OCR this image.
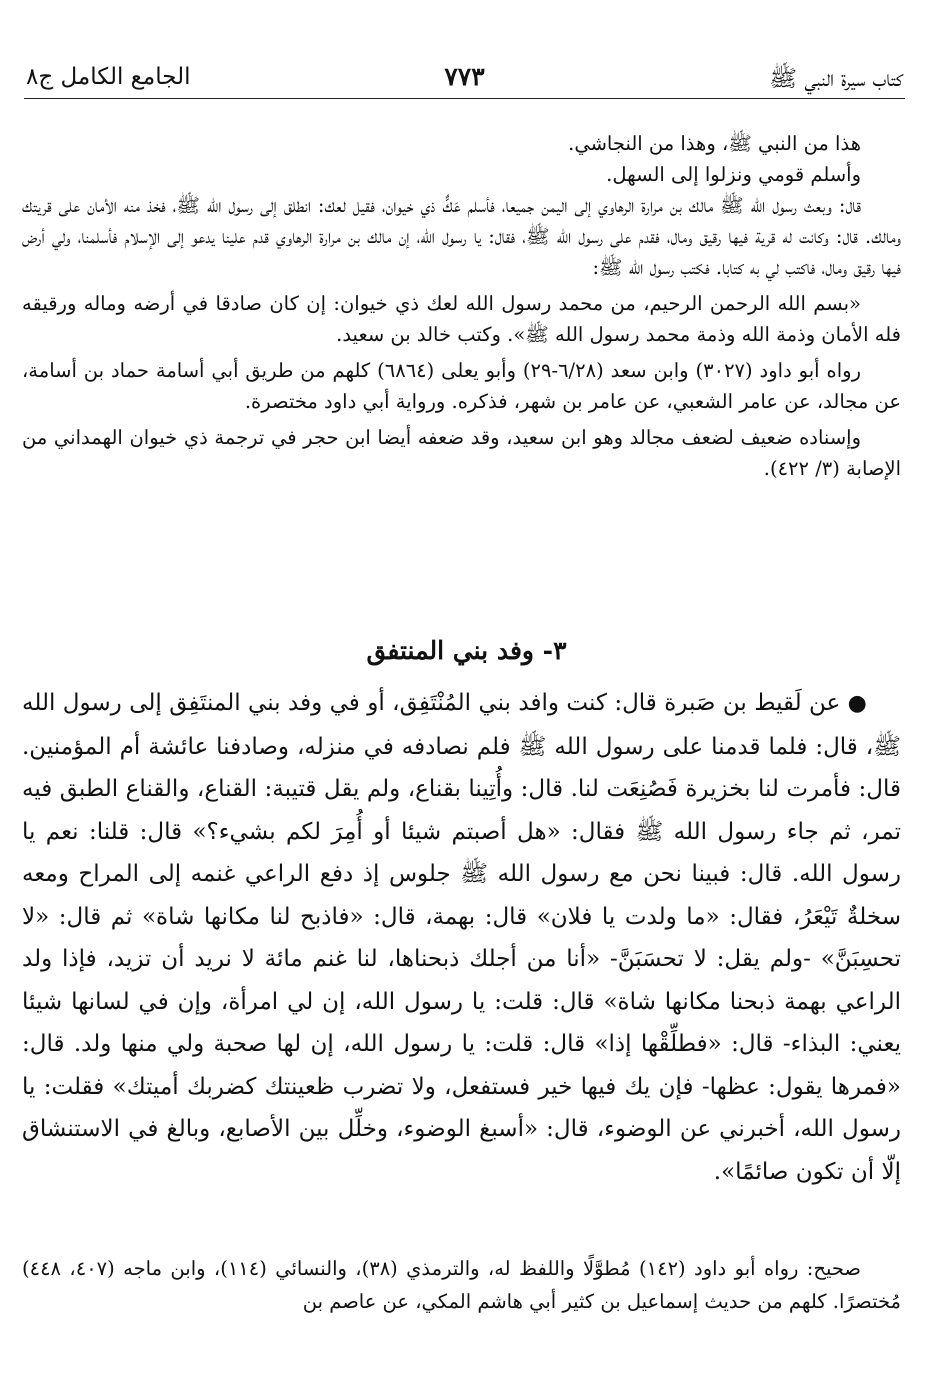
الجامع الكامل ج٨	٧٧٣	كتاب سيرة النبي ﷺ

هذا من النبي ﷺ، وهذا من النجاشي.

وأسلم قومي ونزلوا إلى السهل.

قال: وبعث رسول الله ﷺ مالك بن مرارة الرهاوي إلى اليمن جميعا، فأسلم عَكٌّ ذي خيوان، فقيل لعك: انطلق إلى رسول الله ﷺ، فخذ منه الأمان على قريتك ومالك. قال: وكانت له قرية فيها رقيق ومال، فقدم على رسول الله ﷺ، فقال: يا رسول الله، إن مالك بن مرارة الرهاوي قدم علينا يدعو إلى الإسلام فأسلمنا، ولي أرض فيها رقيق ومال، فاكتب لي به كتابا. فكتب رسول الله ﷺ:

«بسم الله الرحمن الرحيم، من محمد رسول الله لعك ذي خيوان: إن كان صادقا في أرضه وماله ورقيقه فله الأمان وذمة الله وذمة محمد رسول الله ﷺ». وكتب خالد بن سعيد.

رواه أبو داود (٣٠٢٧) وابن سعد (٦/٢٨-٢٩) وأبو يعلى (٦٨٦٤) كلهم من طريق أبي أسامة حماد بن أسامة، عن مجالد، عن عامر الشعبي، عن عامر بن شهر، فذكره. ورواية أبي داود مختصرة.

وإسناده ضعيف لضعف مجالد وهو ابن سعيد، وقد ضعفه أيضا ابن حجر في ترجمة ذي خيوان الهمداني من الإصابة (٣/ ٤٢٢).

٣- وفد بني المنتفق

● عن لَقيط بن صَبرة قال: كنت وافد بني المُنْتَفِق، أو في وفد بني المنتَفِق إلى رسول الله ﷺ، قال: فلما قدمنا على رسول الله ﷺ فلم نصادفه في منزله، وصادفنا عائشة أم المؤمنين. قال: فأمرت لنا بخزيرة فَصُنِعَت لنا. قال: وأُتِينا بقناع، ولم يقل قتيبة: القناع، والقناع الطبق فيه تمر، ثم جاء رسول الله ﷺ فقال: «هل أصبتم شيئا أو أُمِرَ لكم بشيء؟» قال: قلنا: نعم يا رسول الله. قال: فبينا نحن مع رسول الله ﷺ جلوس إذ دفع الراعي غنمه إلى المراح ومعه سخلةٌ تَيْعَرُ، فقال: «ما ولدت يا فلان» قال: بهمة، قال: «فاذبح لنا مكانها شاة» ثم قال: «لا تحسِبَنَّ» -ولم يقل: لا تحسَبَنَّ- «أنا من أجلك ذبحناها، لنا غنم مائة لا نريد أن تزيد، فإذا ولد الراعي بهمة ذبحنا مكانها شاة» قال: قلت: يا رسول الله، إن لي امرأة، وإن في لسانها شيئا يعني: البذاء- قال: «فطلِّقْها إذا» قال: قلت: يا رسول الله، إن لها صحبة ولي منها ولد. قال: «فمرها يقول: عظها- فإن يك فيها خير فستفعل، ولا تضرب ظعينتك كضربك أميتك» فقلت: يا رسول الله، أخبرني عن الوضوء، قال: «أسبغ الوضوء، وخلِّل بين الأصابع، وبالغ في الاستنشاق إلّا أن تكون صائمًا».

صحيح: رواه أبو داود (١٤٢) مُطوَّلًا واللفظ له، والترمذي (٣٨)، والنسائي (١١٤)، وابن ماجه (٤٠٧، ٤٤٨) مُختصرًا. كلهم من حديث إسماعيل بن كثير أبي هاشم المكي، عن عاصم بن
